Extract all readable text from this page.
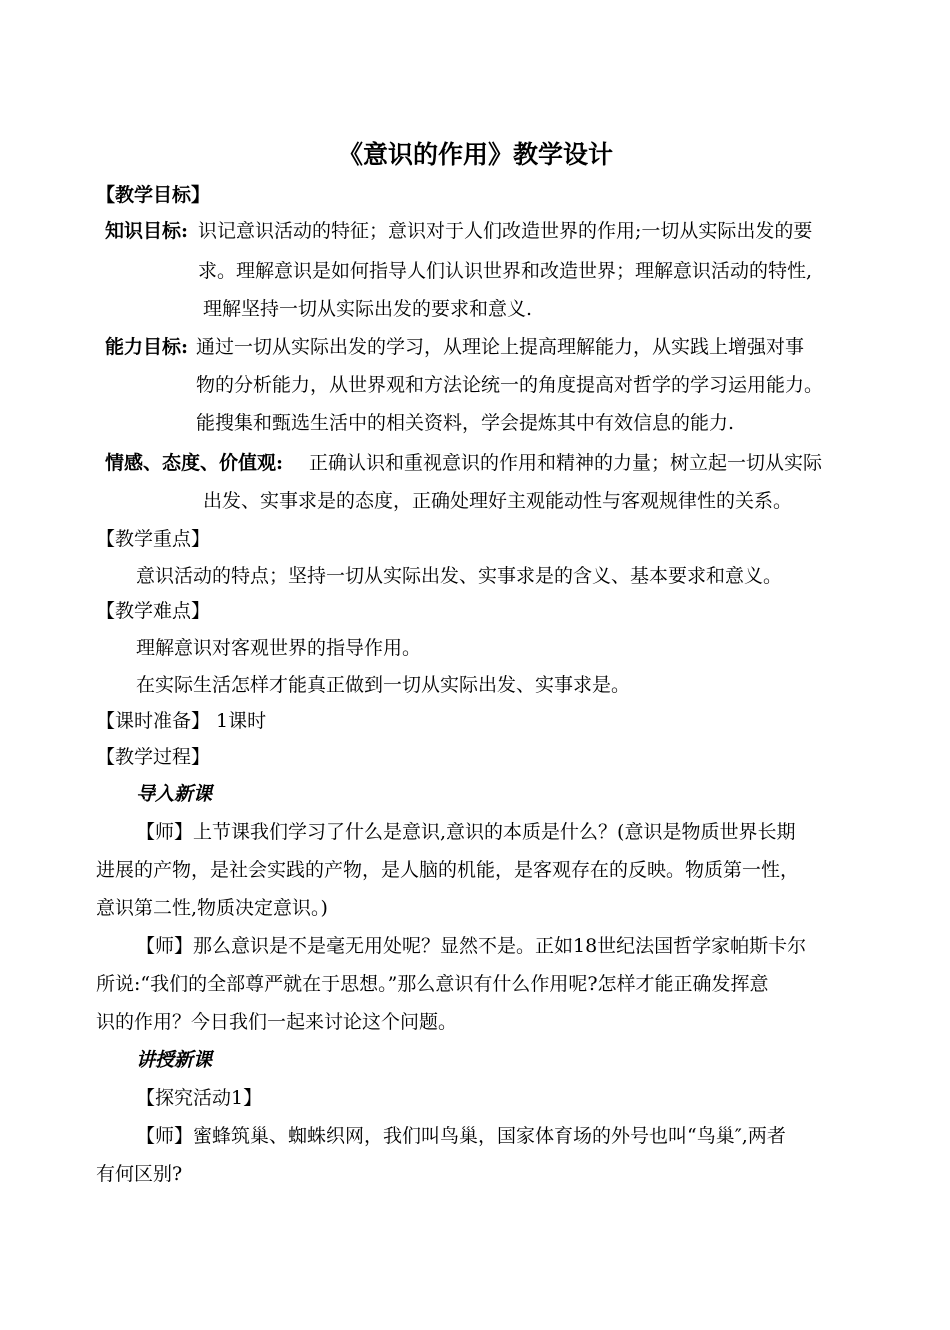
《意识的作用》教学设计
【教学目标】
知识目标: 识记意识活动的特征；意识对于人们改造世界的作用;一切从实际出发的要
求。理解意识是如何指导人们认识世界和改造世界；理解意识活动的特性,
理解坚持一切从实际出发的要求和意义.
能力目标: 通过一切从实际出发的学习，从理论上提高理解能力，从实践上增强对事
物的分析能力，从世界观和方法论统一的角度提高对哲学的学习运用能力。
能搜集和甄选生活中的相关资料，学会提炼其中有效信息的能力.
情感、态度、价值观: 正确认识和重视意识的作用和精神的力量；树立起一切从实际
出发、实事求是的态度，正确处理好主观能动性与客观规律性的关系。
【教学重点】
意识活动的特点；坚持一切从实际出发、实事求是的含义、基本要求和意义。
【教学难点】
理解意识对客观世界的指导作用。
在实际生活怎样才能真正做到一切从实际出发、实事求是。
【课时准备】 1课时
【教学过程】
导入新课
【师】上节课我们学习了什么是意识,意识的本质是什么？(意识是物质世界长期
进展的产物，是社会实践的产物，是人脑的机能，是客观存在的反映。物质第一性，
意识第二性,物质决定意识。)
【师】那么意识是不是毫无用处呢？显然不是。正如18世纪法国哲学家帕斯卡尔
所说:“我们的全部尊严就在于思想。”那么意识有什么作用呢?怎样才能正确发挥意
识的作用？今日我们一起来讨论这个问题。
讲授新课
【探究活动1】
【师】蜜蜂筑巢、蜘蛛织网，我们叫鸟巢，国家体育场的外号也叫“鸟巢″,两者
有何区别?
